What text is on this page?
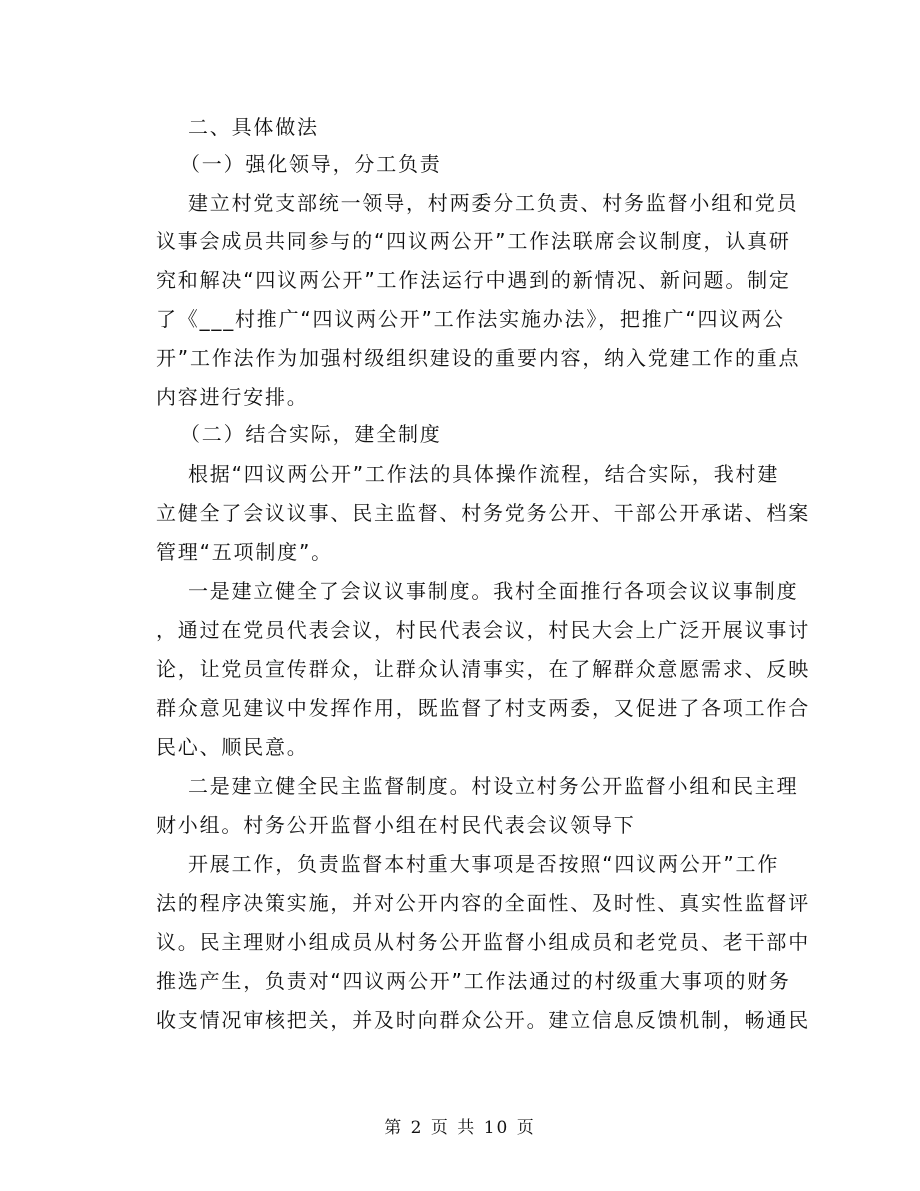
二、具体做法
（一）强化领导，分工负责
建立村党支部统一领导，村两委分工负责、村务监督小组和党员
议事会成员共同参与的“四议两公开”工作法联席会议制度，认真研
究和解决“四议两公开”工作法运行中遇到的新情况、新问题。制定
了《___村推广“四议两公开”工作法实施办法》，把推广“四议两公
开”工作法作为加强村级组织建设的重要内容，纳入党建工作的重点
内容进行安排。
（二）结合实际，建全制度
根据“四议两公开”工作法的具体操作流程，结合实际，我村建
立健全了会议议事、民主监督、村务党务公开、干部公开承诺、档案
管理“五项制度”。
一是建立健全了会议议事制度。我村全面推行各项会议议事制度
，通过在党员代表会议，村民代表会议，村民大会上广泛开展议事讨
论，让党员宣传群众，让群众认清事实，在了解群众意愿需求、反映
群众意见建议中发挥作用，既监督了村支两委，又促进了各项工作合
民心、顺民意。
二是建立健全民主监督制度。村设立村务公开监督小组和民主理
财小组。村务公开监督小组在村民代表会议领导下
开展工作，负责监督本村重大事项是否按照“四议两公开”工作
法的程序决策实施，并对公开内容的全面性、及时性、真实性监督评
议。民主理财小组成员从村务公开监督小组成员和老党员、老干部中
推选产生，负责对“四议两公开”工作法通过的村级重大事项的财务
收支情况审核把关，并及时向群众公开。建立信息反馈机制，畅通民
第 2 页 共 10 页
